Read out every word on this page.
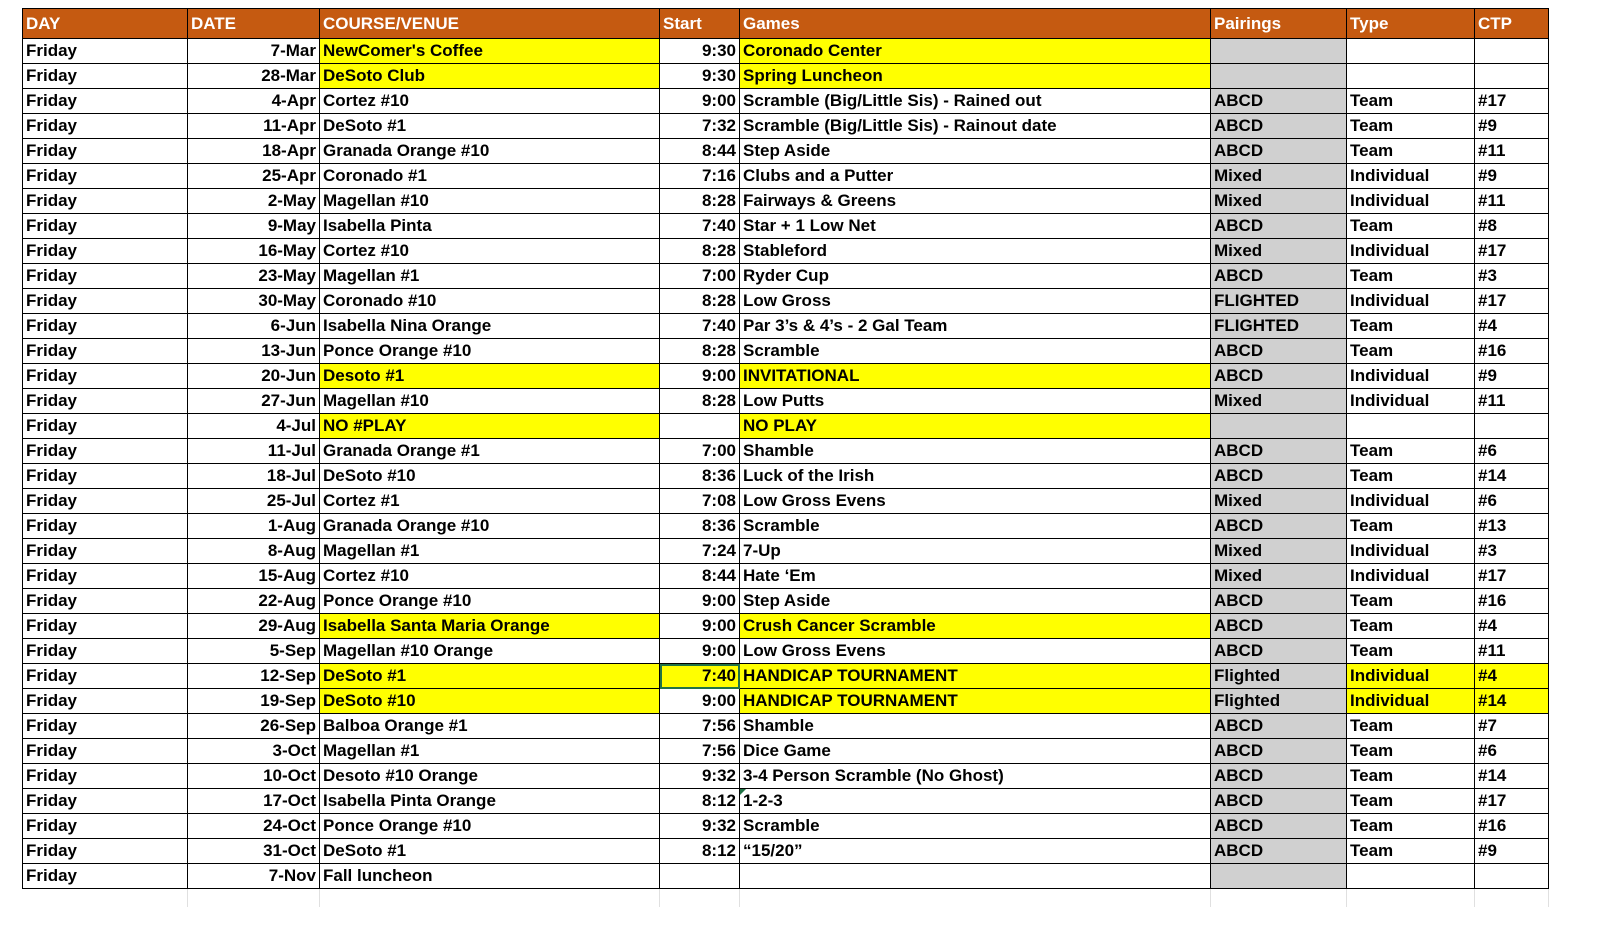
DAY	DATE	COURSE/VENUE	Start	Games	Pairings	Type	CTP
Friday	7-Mar	NewComer's Coffee	9:30	Coronado Center			
Friday	28-Mar	DeSoto Club	9:30	Spring Luncheon			
Friday	4-Apr	Cortez #10	9:00	Scramble (Big/Little Sis) - Rained out	ABCD	Team	#17
Friday	11-Apr	DeSoto #1	7:32	Scramble (Big/Little Sis) - Rainout date	ABCD	Team	#9
Friday	18-Apr	Granada Orange #10	8:44	Step Aside	ABCD	Team	#11
Friday	25-Apr	Coronado #1	7:16	Clubs and a Putter	Mixed	Individual	#9
Friday	2-May	Magellan #10	8:28	Fairways & Greens	Mixed	Individual	#11
Friday	9-May	Isabella Pinta	7:40	Star + 1 Low Net	ABCD	Team	#8
Friday	16-May	Cortez #10	8:28	Stableford	Mixed	Individual	#17
Friday	23-May	Magellan #1	7:00	Ryder Cup	ABCD	Team	#3
Friday	30-May	Coronado #10	8:28	Low Gross	FLIGHTED	Individual	#17
Friday	6-Jun	Isabella Nina Orange	7:40	Par 3’s & 4’s - 2 Gal Team	FLIGHTED	Team	#4
Friday	13-Jun	Ponce Orange #10	8:28	Scramble	ABCD	Team	#16
Friday	20-Jun	Desoto #1	9:00	INVITATIONAL	ABCD	Individual	#9
Friday	27-Jun	Magellan #10	8:28	Low Putts	Mixed	Individual	#11
Friday	4-Jul	NO #PLAY		NO PLAY			
Friday	11-Jul	Granada Orange #1	7:00	Shamble	ABCD	Team	#6
Friday	18-Jul	DeSoto #10	8:36	Luck of the Irish	ABCD	Team	#14
Friday	25-Jul	Cortez #1	7:08	Low Gross Evens	Mixed	Individual	#6
Friday	1-Aug	Granada Orange #10	8:36	Scramble	ABCD	Team	#13
Friday	8-Aug	Magellan #1	7:24	7-Up	Mixed	Individual	#3
Friday	15-Aug	Cortez #10	8:44	Hate ‘Em	Mixed	Individual	#17
Friday	22-Aug	Ponce Orange #10	9:00	Step Aside	ABCD	Team	#16
Friday	29-Aug	Isabella Santa Maria Orange	9:00	Crush Cancer Scramble	ABCD	Team	#4
Friday	5-Sep	Magellan #10 Orange	9:00	Low Gross Evens	ABCD	Team	#11
Friday	12-Sep	DeSoto #1	7:40	HANDICAP TOURNAMENT	Flighted	Individual	#4
Friday	19-Sep	DeSoto #10	9:00	HANDICAP TOURNAMENT	Flighted	Individual	#14
Friday	26-Sep	Balboa Orange #1	7:56	Shamble	ABCD	Team	#7
Friday	3-Oct	Magellan #1	7:56	Dice Game	ABCD	Team	#6
Friday	10-Oct	Desoto #10 Orange	9:32	3-4 Person Scramble (No Ghost)	ABCD	Team	#14
Friday	17-Oct	Isabella Pinta Orange	8:12	1-2-3	ABCD	Team	#17
Friday	24-Oct	Ponce Orange #10	9:32	Scramble	ABCD	Team	#16
Friday	31-Oct	DeSoto #1	8:12	“15/20”	ABCD	Team	#9
Friday	7-Nov	Fall luncheon					
